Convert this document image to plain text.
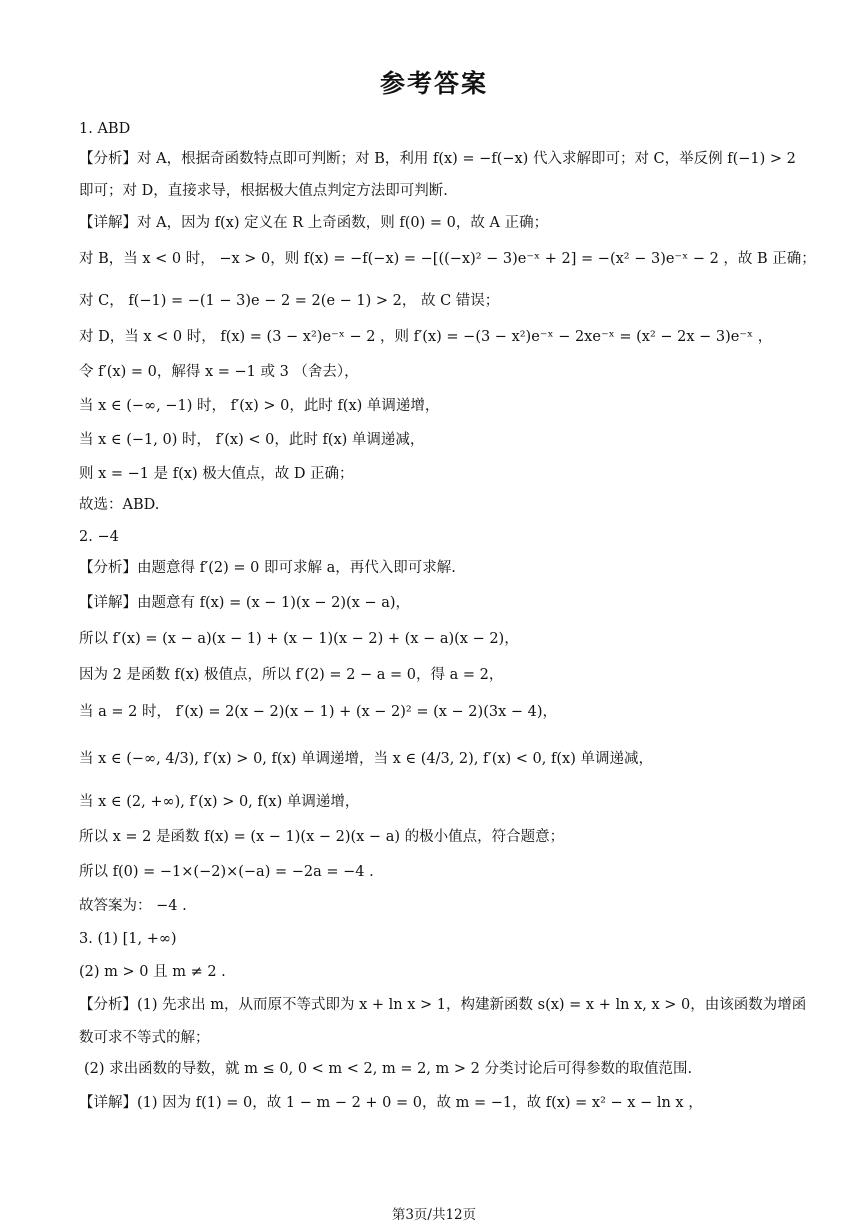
参考答案
1. ABD
【分析】对 A，根据奇函数特点即可判断；对 B，利用 f(x) = −f(−x) 代入求解即可；对 C，举反例 f(−1) > 2
即可；对 D，直接求导，根据极大值点判定方法即可判断.
【详解】对 A，因为 f(x) 定义在 R 上奇函数，则 f(0) = 0，故 A 正确；
对 B，当 x < 0 时， −x > 0，则 f(x) = −f(−x) = −[((−x)² − 3)e⁻ˣ + 2] = −(x² − 3)e⁻ˣ − 2 ，故 B 正确；
对 C， f(−1) = −(1 − 3)e − 2 = 2(e − 1) > 2， 故 C 错误；
对 D，当 x < 0 时， f(x) = (3 − x²)e⁻ˣ − 2 ，则 f′(x) = −(3 − x²)e⁻ˣ − 2xe⁻ˣ = (x² − 2x − 3)e⁻ˣ ，
令 f′(x) = 0，解得 x = −1 或 3 （舍去），
当 x ∈ (−∞, −1) 时， f′(x) > 0，此时 f(x) 单调递增，
当 x ∈ (−1, 0) 时， f′(x) < 0，此时 f(x) 单调递减，
则 x = −1 是 f(x) 极大值点，故 D 正确；
故选：ABD.
2. −4
【分析】由题意得 f′(2) = 0 即可求解 a，再代入即可求解.
【详解】由题意有 f(x) = (x − 1)(x − 2)(x − a)，
所以 f′(x) = (x − a)(x − 1) + (x − 1)(x − 2) + (x − a)(x − 2)，
因为 2 是函数 f(x) 极值点，所以 f′(2) = 2 − a = 0，得 a = 2，
当 a = 2 时， f′(x) = 2(x − 2)(x − 1) + (x − 2)² = (x − 2)(3x − 4)，
当 x ∈ (−∞, 4/3), f′(x) > 0, f(x) 单调递增，当 x ∈ (4/3, 2), f′(x) < 0, f(x) 单调递减，
当 x ∈ (2, +∞), f′(x) > 0, f(x) 单调递增，
所以 x = 2 是函数 f(x) = (x − 1)(x − 2)(x − a) 的极小值点，符合题意；
所以 f(0) = −1×(−2)×(−a) = −2a = −4 .
故答案为： −4 .
3. (1) [1, +∞)
(2) m > 0 且 m ≠ 2 .
【分析】(1) 先求出 m，从而原不等式即为 x + ln x > 1，构建新函数 s(x) = x + ln x, x > 0，由该函数为增函
数可求不等式的解；
(2) 求出函数的导数，就 m ≤ 0, 0 < m < 2, m = 2, m > 2 分类讨论后可得参数的取值范围.
【详解】(1) 因为 f(1) = 0，故 1 − m − 2 + 0 = 0，故 m = −1，故 f(x) = x² − x − ln x ，
第3页/共12页
